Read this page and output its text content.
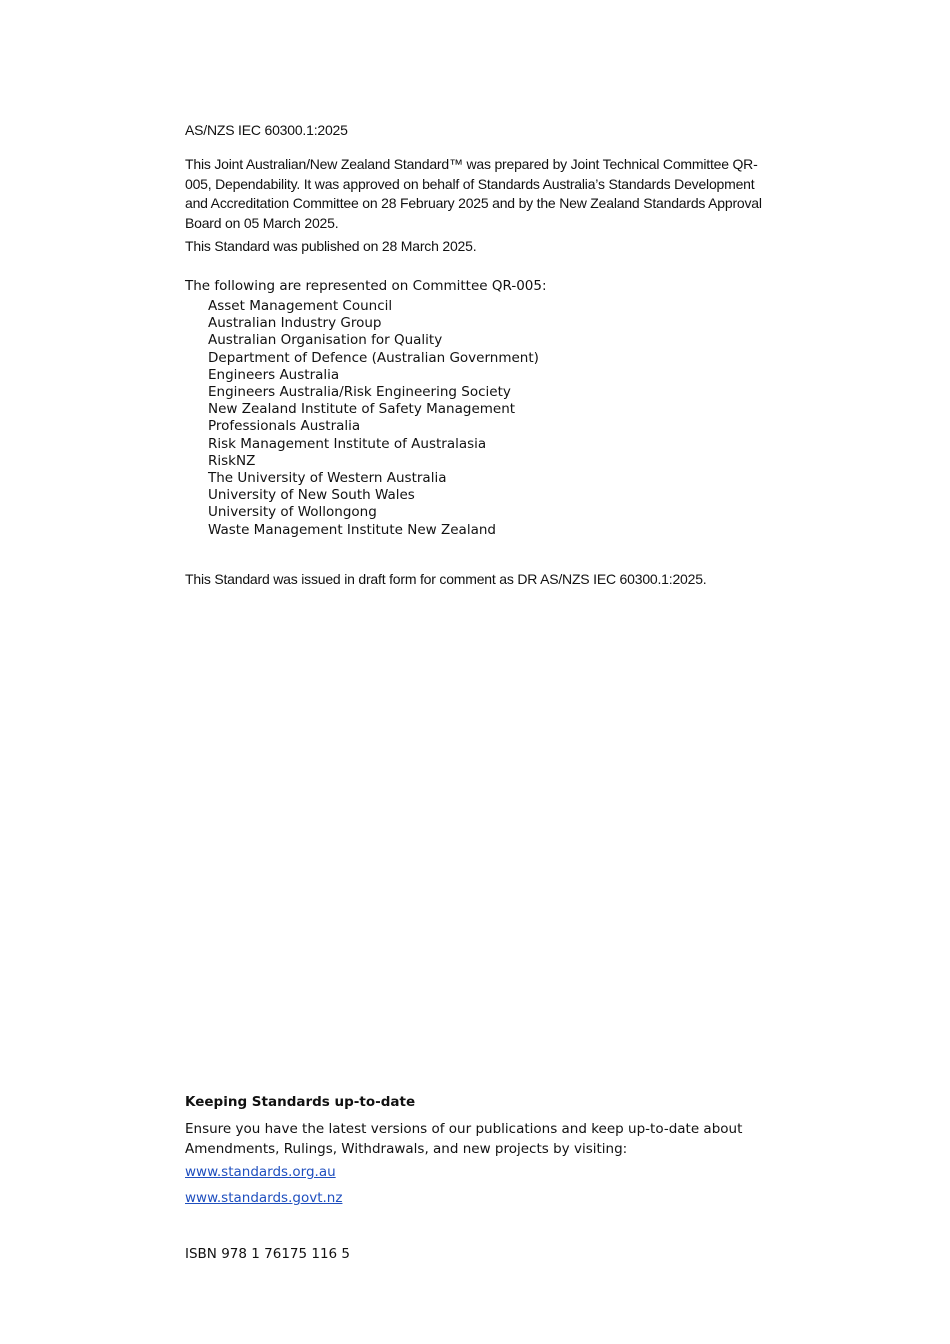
AS/NZS IEC 60300.1:2025

This Joint Australian/New Zealand Standard™ was prepared by Joint Technical Committee QR-005, Dependability. It was approved on behalf of Standards Australia’s Standards Development and Accreditation Committee on 28 February 2025 and by the New Zealand Standards Approval Board on 05 March 2025.

This Standard was published on 28 March 2025.

The following are represented on Committee QR-005:

Asset Management Council
Australian Industry Group
Australian Organisation for Quality
Department of Defence (Australian Government)
Engineers Australia
Engineers Australia/Risk Engineering Society
New Zealand Institute of Safety Management
Professionals Australia
Risk Management Institute of Australasia
RiskNZ
The University of Western Australia
University of New South Wales
University of Wollongong
Waste Management Institute New Zealand

This Standard was issued in draft form for comment as DR AS/NZS IEC 60300.1:2025.

Keeping Standards up-to-date

Ensure you have the latest versions of our publications and keep up-to-date about Amendments, Rulings, Withdrawals, and new projects by visiting:

www.standards.org.au
www.standards.govt.nz

ISBN 978 1 76175 116 5
